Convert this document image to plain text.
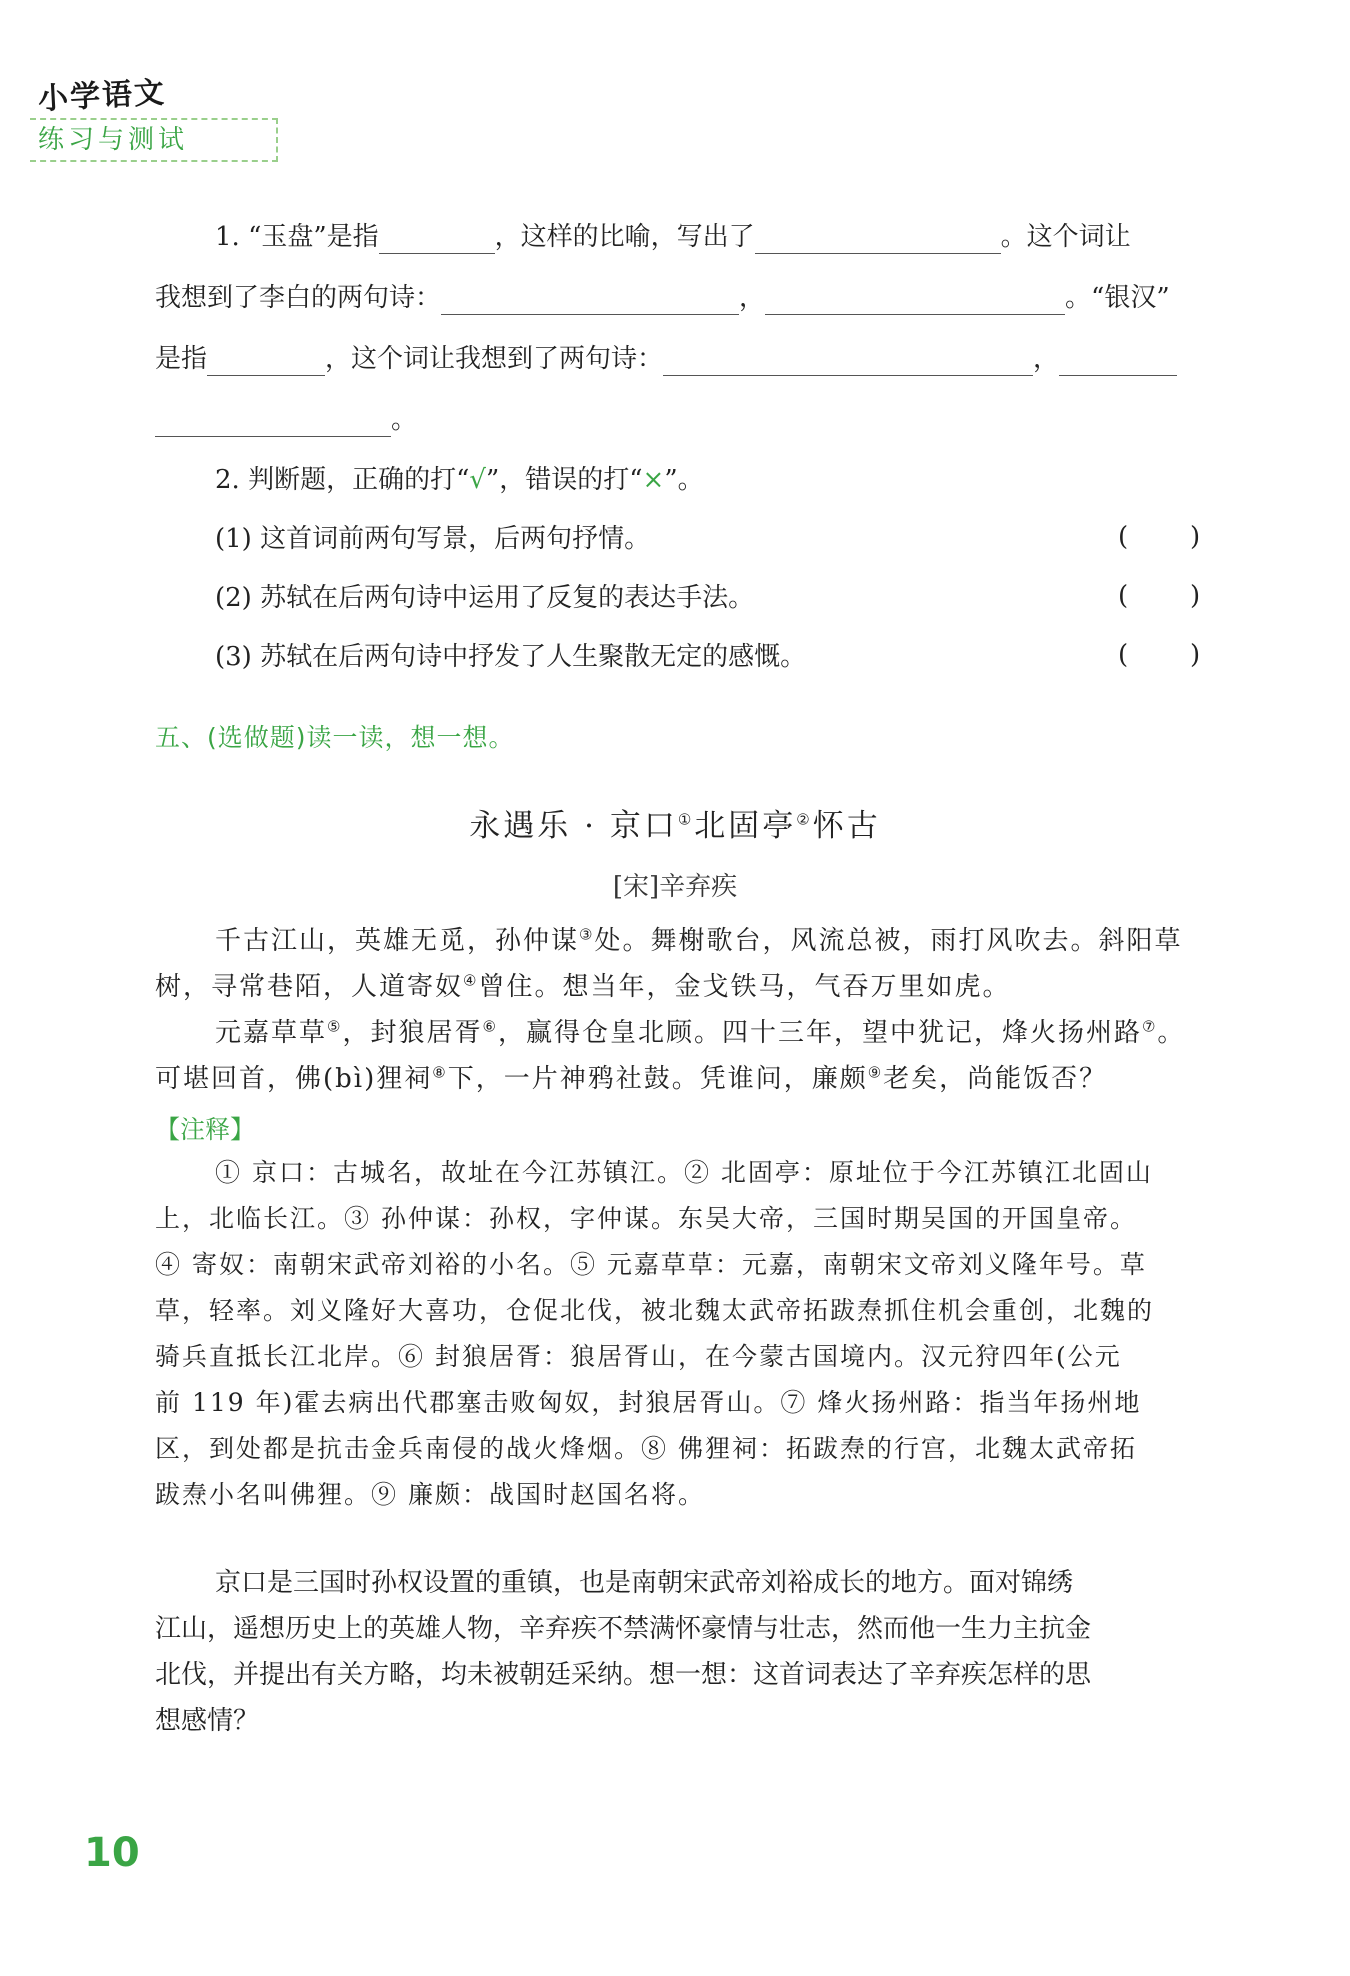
小学语文
练习与测试
1. “玉盘”是指	，这样的比喻，写出了	。这个词让
我想到了李白的两句诗：	，	。“银汉”
是指	，这个词让我想到了两句诗：	，
。
2. 判断题，正确的打“√”，错误的打“×”。
(1) 这首词前两句写景，后两句抒情。	( )
(2) 苏轼在后两句诗中运用了反复的表达手法。	( )
(3) 苏轼在后两句诗中抒发了人生聚散无定的感慨。	( )
五、(选做题)读一读，想一想。
永遇乐 · 京口①北固亭②怀古
[宋]辛弃疾
千古江山，英雄无觅，孙仲谋③处。舞榭歌台，风流总被，雨打风吹去。斜阳草
树，寻常巷陌，人道寄奴④曾住。想当年，金戈铁马，气吞万里如虎。
元嘉草草⑤，封狼居胥⑥，赢得仓皇北顾。四十三年，望中犹记，烽火扬州路⑦。
可堪回首，佛(bì)狸祠⑧下，一片神鸦社鼓。凭谁问，廉颇⑨老矣，尚能饭否？
【注释】
① 京口：古城名，故址在今江苏镇江。② 北固亭：原址位于今江苏镇江北固山
上，北临长江。③ 孙仲谋：孙权，字仲谋。东吴大帝，三国时期吴国的开国皇帝。
④ 寄奴：南朝宋武帝刘裕的小名。⑤ 元嘉草草：元嘉，南朝宋文帝刘义隆年号。草
草，轻率。刘义隆好大喜功，仓促北伐，被北魏太武帝拓跋焘抓住机会重创，北魏的
骑兵直抵长江北岸。⑥ 封狼居胥：狼居胥山，在今蒙古国境内。汉元狩四年(公元
前 119 年)霍去病出代郡塞击败匈奴，封狼居胥山。⑦ 烽火扬州路：指当年扬州地
区，到处都是抗击金兵南侵的战火烽烟。⑧ 佛狸祠：拓跋焘的行宫，北魏太武帝拓
跋焘小名叫佛狸。⑨ 廉颇：战国时赵国名将。
京口是三国时孙权设置的重镇，也是南朝宋武帝刘裕成长的地方。面对锦绣
江山，遥想历史上的英雄人物，辛弃疾不禁满怀豪情与壮志，然而他一生力主抗金
北伐，并提出有关方略，均未被朝廷采纳。想一想：这首词表达了辛弃疾怎样的思
想感情？
10
